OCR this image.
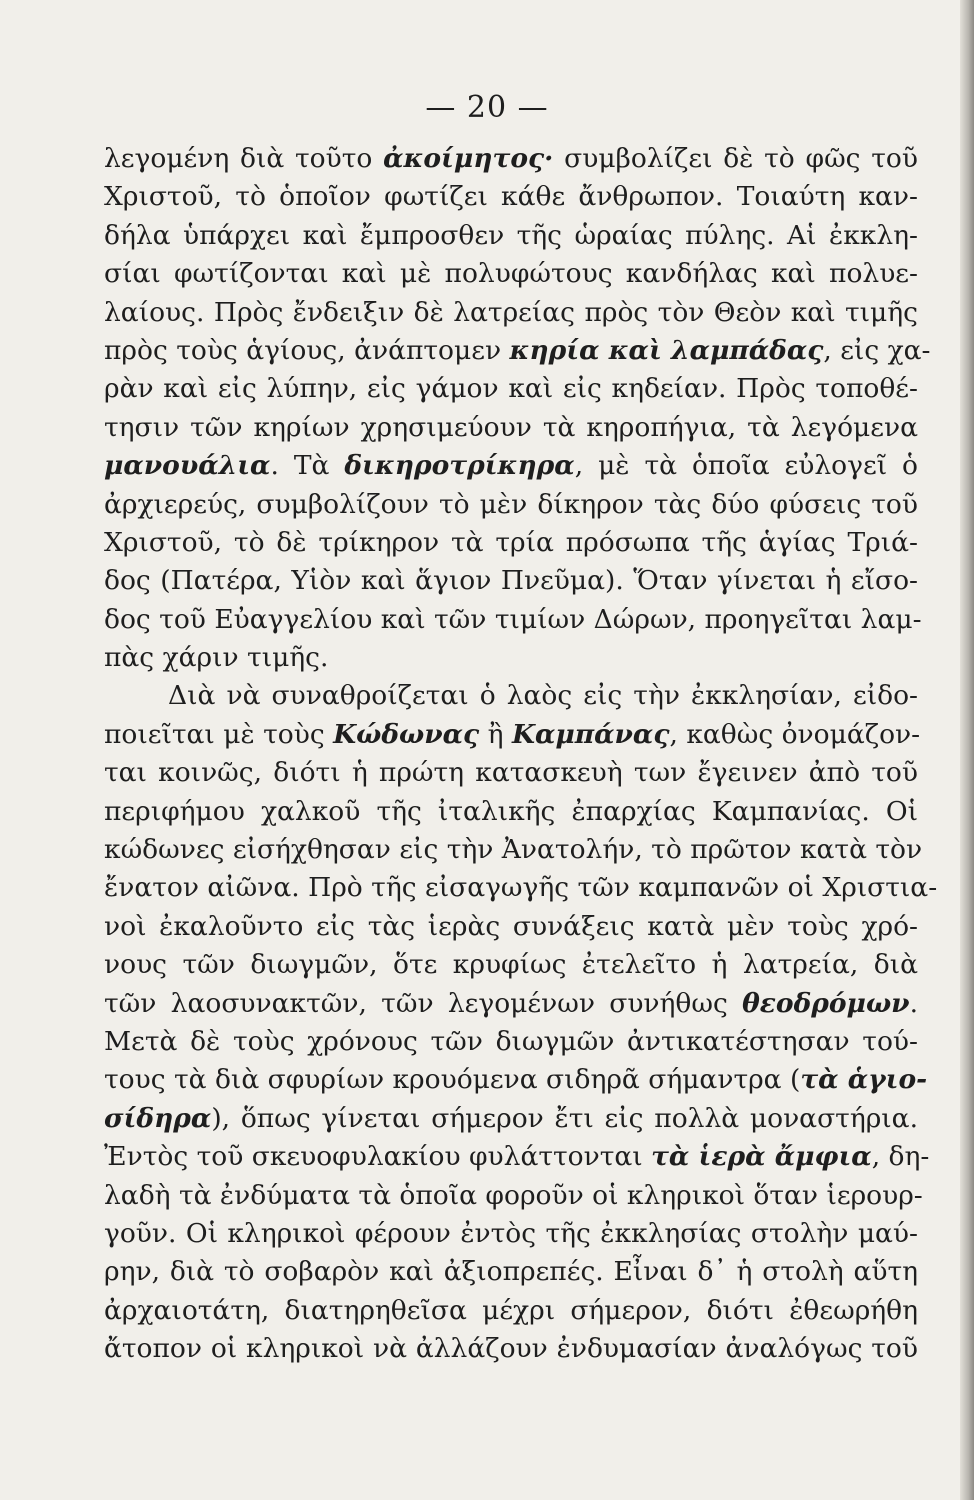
— 20 —
λεγομένη διὰ τοῦτο ἀκοίμητος· συμβολίζει δὲ τὸ φῶς τοῦ
Χριστοῦ, τὸ ὁποῖον φωτίζει κάθε ἄνθρωπον. Τοιαύτη καν-
δήλα ὑπάρχει καὶ ἔμπροσθεν τῆς ὡραίας πύλης. Αἱ ἐκκλη-
σίαι φωτίζονται καὶ μὲ πολυφώτους κανδήλας καὶ πολυε-
λαίους. Πρὸς ἔνδειξιν δὲ λατρείας πρὸς τὸν Θεὸν καὶ τιμῆς
πρὸς τοὺς ἁγίους, ἀνάπτομεν κηρία καὶ λαμπάδας, εἰς χα-
ρὰν καὶ εἰς λύπην, εἰς γάμον καὶ εἰς κηδείαν. Πρὸς τοποθέ-
τησιν τῶν κηρίων χρησιμεύουν τὰ κηροπήγια, τὰ λεγόμενα
μανουάλια. Τὰ δικηροτρίκηρα, μὲ τὰ ὁποῖα εὐλογεῖ ὁ
ἀρχιερεύς, συμβολίζουν τὸ μὲν δίκηρον τὰς δύο φύσεις τοῦ
Χριστοῦ, τὸ δὲ τρίκηρον τὰ τρία πρόσωπα τῆς ἁγίας Τριά-
δος (Πατέρα, Υἱὸν καὶ ἅγιον Πνεῦμα). Ὅταν γίνεται ἡ εἴσο-
δος τοῦ Εὐαγγελίου καὶ τῶν τιμίων Δώρων, προηγεῖται λαμ-
πὰς χάριν τιμῆς.
Διὰ νὰ συναθροίζεται ὁ λαὸς εἰς τὴν ἐκκλησίαν, εἰδο-
ποιεῖται μὲ τοὺς Κώδωνας ἢ Καμπάνας, καθὼς ὀνομάζον-
ται κοινῶς, διότι ἡ πρώτη κατασκευὴ των ἔγεινεν ἀπὸ τοῦ
περιφήμου χαλκοῦ τῆς ἰταλικῆς ἐπαρχίας Καμπανίας. Οἱ
κώδωνες εἰσήχθησαν εἰς τὴν Ἀνατολήν, τὸ πρῶτον κατὰ τὸν
ἔνατον αἰῶνα. Πρὸ τῆς εἰσαγωγῆς τῶν καμπανῶν οἱ Χριστια-
νοὶ ἐκαλοῦντο εἰς τὰς ἱερὰς συνάξεις κατὰ μὲν τοὺς χρό-
νους τῶν διωγμῶν, ὅτε κρυφίως ἐτελεῖτο ἡ λατρεία, διὰ
τῶν λαοσυνακτῶν, τῶν λεγομένων συνήθως θεοδρόμων.
Μετὰ δὲ τοὺς χρόνους τῶν διωγμῶν ἀντικατέστησαν τού-
τους τὰ διὰ σφυρίων κρουόμενα σιδηρᾶ σήμαντρα (τὰ ἁγιο-
σίδηρα), ὅπως γίνεται σήμερον ἔτι εἰς πολλὰ μοναστήρια.
Ἐντὸς τοῦ σκευοφυλακίου φυλάττονται τὰ ἱερὰ ἄμφια, δη-
λαδὴ τὰ ἐνδύματα τὰ ὁποῖα φοροῦν οἱ κληρικοὶ ὅταν ἱερουρ-
γοῦν. Οἱ κληρικοὶ φέρουν ἐντὸς τῆς ἐκκλησίας στολὴν μαύ-
ρην, διὰ τὸ σοβαρὸν καὶ ἀξιοπρεπές. Εἶναι δ᾿ ἡ στολὴ αὕτη
ἀρχαιοτάτη, διατηρηθεῖσα μέχρι σήμερον, διότι ἐθεωρήθη
ἄτοπον οἱ κληρικοὶ νὰ ἀλλάζουν ἐνδυμασίαν ἀναλόγως τοῦ
